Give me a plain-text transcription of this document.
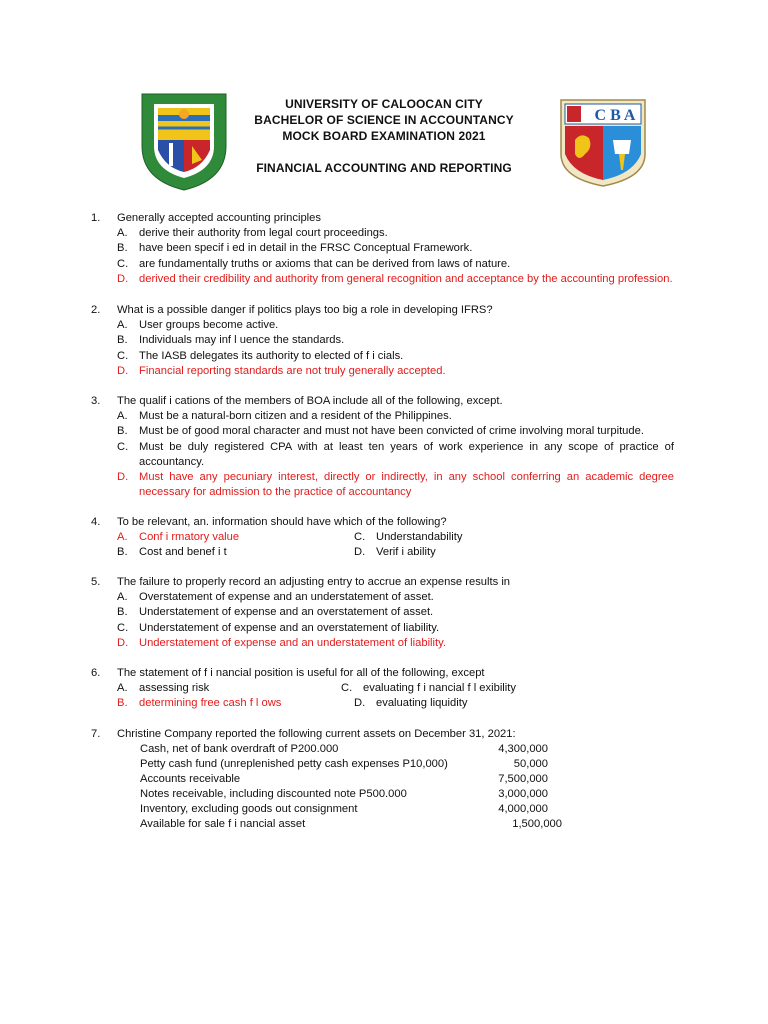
C B A
UNIVERSITY OF CALOOCAN CITY
BACHELOR OF SCIENCE IN ACCOUNTANCY
MOCK BOARD EXAMINATION 2021
FINANCIAL ACCOUNTING AND REPORTING
1. Generally accepted accounting principles
A. derive their authority from legal court proceedings.
B. have been specif i ed in detail in the FRSC Conceptual Framework.
C. are fundamentally truths or axioms that can be derived from laws of nature.
D. derived their credibility and authority from general recognition and acceptance by the accounting profession.
2. What is a possible danger if politics plays too big a role in developing IFRS?
A. User groups become active.
B. Individuals may inf l uence the standards.
C. The IASB delegates its authority to elected of f i cials.
D. Financial reporting standards are not truly generally accepted.
3. The qualif i cations of the members of BOA include all of the following, except.
A. Must be a natural-born citizen and a resident of the Philippines.
B. Must be of good moral character and must not have been convicted of crime involving moral turpitude.
C. Must be duly registered CPA with at least ten years of work experience in any scope of practice of accountancy.
D. Must have any pecuniary interest, directly or indirectly, in any school conferring an academic degree necessary for admission to the practice of accountancy
4. To be relevant, an. information should have which of the following?
A. Conf i rmatory value	C. Understandability
B. Cost and benef i t	D. Verif i ability
5. The failure to properly record an adjusting entry to accrue an expense results in
A. Overstatement of expense and an understatement of asset.
B. Understatement of expense and an overstatement of asset.
C. Understatement of expense and an overstatement of liability.
D. Understatement of expense and an understatement of liability.
6. The statement of f i nancial position is useful for all of the following, except
A. assessing risk	C. evaluating f i nancial f l exibility
B. determining free cash f l ows	D. evaluating liquidity
7. Christine Company reported the following current assets on December 31, 2021:
Cash, net of bank overdraft of P200.000	4,300,000
Petty cash fund (unreplenished petty cash expenses P10,000)	50,000
Accounts receivable	7,500,000
Notes receivable, including discounted note P500.000	3,000,000
Inventory, excluding goods out consignment	4,000,000
Available for sale f i nancial asset	1,500,000
